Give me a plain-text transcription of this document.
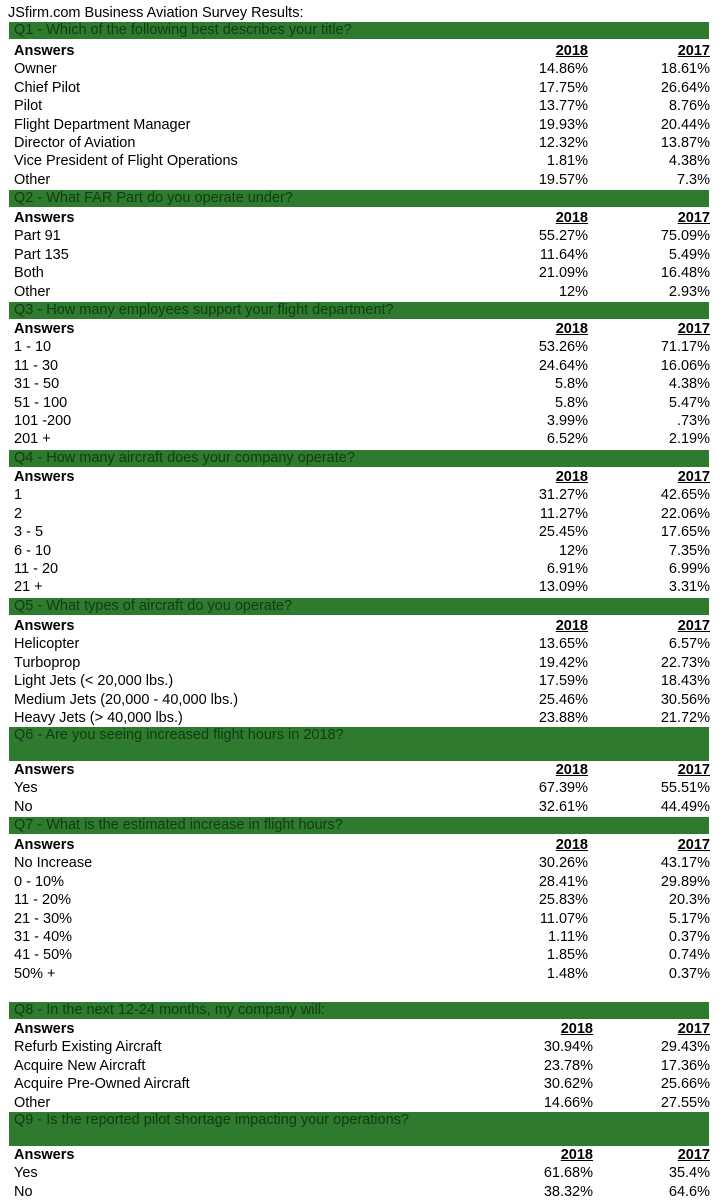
JSfirm.com Business Aviation Survey Results:
Q1 - Which of the following best describes your title?
Answers	2018	2017
Owner	14.86%	18.61%
Chief Pilot	17.75%	26.64%
Pilot	13.77%	8.76%
Flight Department Manager	19.93%	20.44%
Director of Aviation	12.32%	13.87%
Vice President of Flight Operations	1.81%	4.38%
Other	19.57%	7.3%
Q2 - What FAR Part do you operate under?
Answers	2018	2017
Part 91	55.27%	75.09%
Part 135	11.64%	5.49%
Both	21.09%	16.48%
Other	12%	2.93%
Q3 - How many employees support your flight department?
Answers	2018	2017
1 - 10	53.26%	71.17%
11 - 30	24.64%	16.06%
31 - 50	5.8%	4.38%
51 - 100	5.8%	5.47%
101 -200	3.99%	.73%
201 +	6.52%	2.19%
Q4 - How many aircraft does your company operate?
Answers	2018	2017
1	31.27%	42.65%
2	11.27%	22.06%
3 - 5	25.45%	17.65%
6 - 10	12%	7.35%
11 - 20	6.91%	6.99%
21 +	13.09%	3.31%
Q5 - What types of aircraft do you operate?
Answers	2018	2017
Helicopter	13.65%	6.57%
Turboprop	19.42%	22.73%
Light Jets (< 20,000 lbs.)	17.59%	18.43%
Medium Jets (20,000 - 40,000 lbs.)	25.46%	30.56%
Heavy Jets (> 40,000 lbs.)	23.88%	21.72%
Q6 - Are you seeing increased flight hours in 2018?
Answers	2018	2017
Yes	67.39%	55.51%
No	32.61%	44.49%
Q7 - What is the estimated increase in flight hours?
Answers	2018	2017
No Increase	30.26%	43.17%
0 - 10%	28.41%	29.89%
11 - 20%	25.83%	20.3%
21 - 30%	11.07%	5.17%
31 - 40%	1.11%	0.37%
41 - 50%	1.85%	0.74%
50% +	1.48%	0.37%
Q8 - In the next 12-24 months, my company will:
Answers	2018	2017
Refurb Existing Aircraft	30.94%	29.43%
Acquire New Aircraft	23.78%	17.36%
Acquire Pre-Owned Aircraft	30.62%	25.66%
Other	14.66%	27.55%
Q9 - Is the reported pilot shortage impacting your operations?
Answers	2018	2017
Yes	61.68%	35.4%
No	38.32%	64.6%
